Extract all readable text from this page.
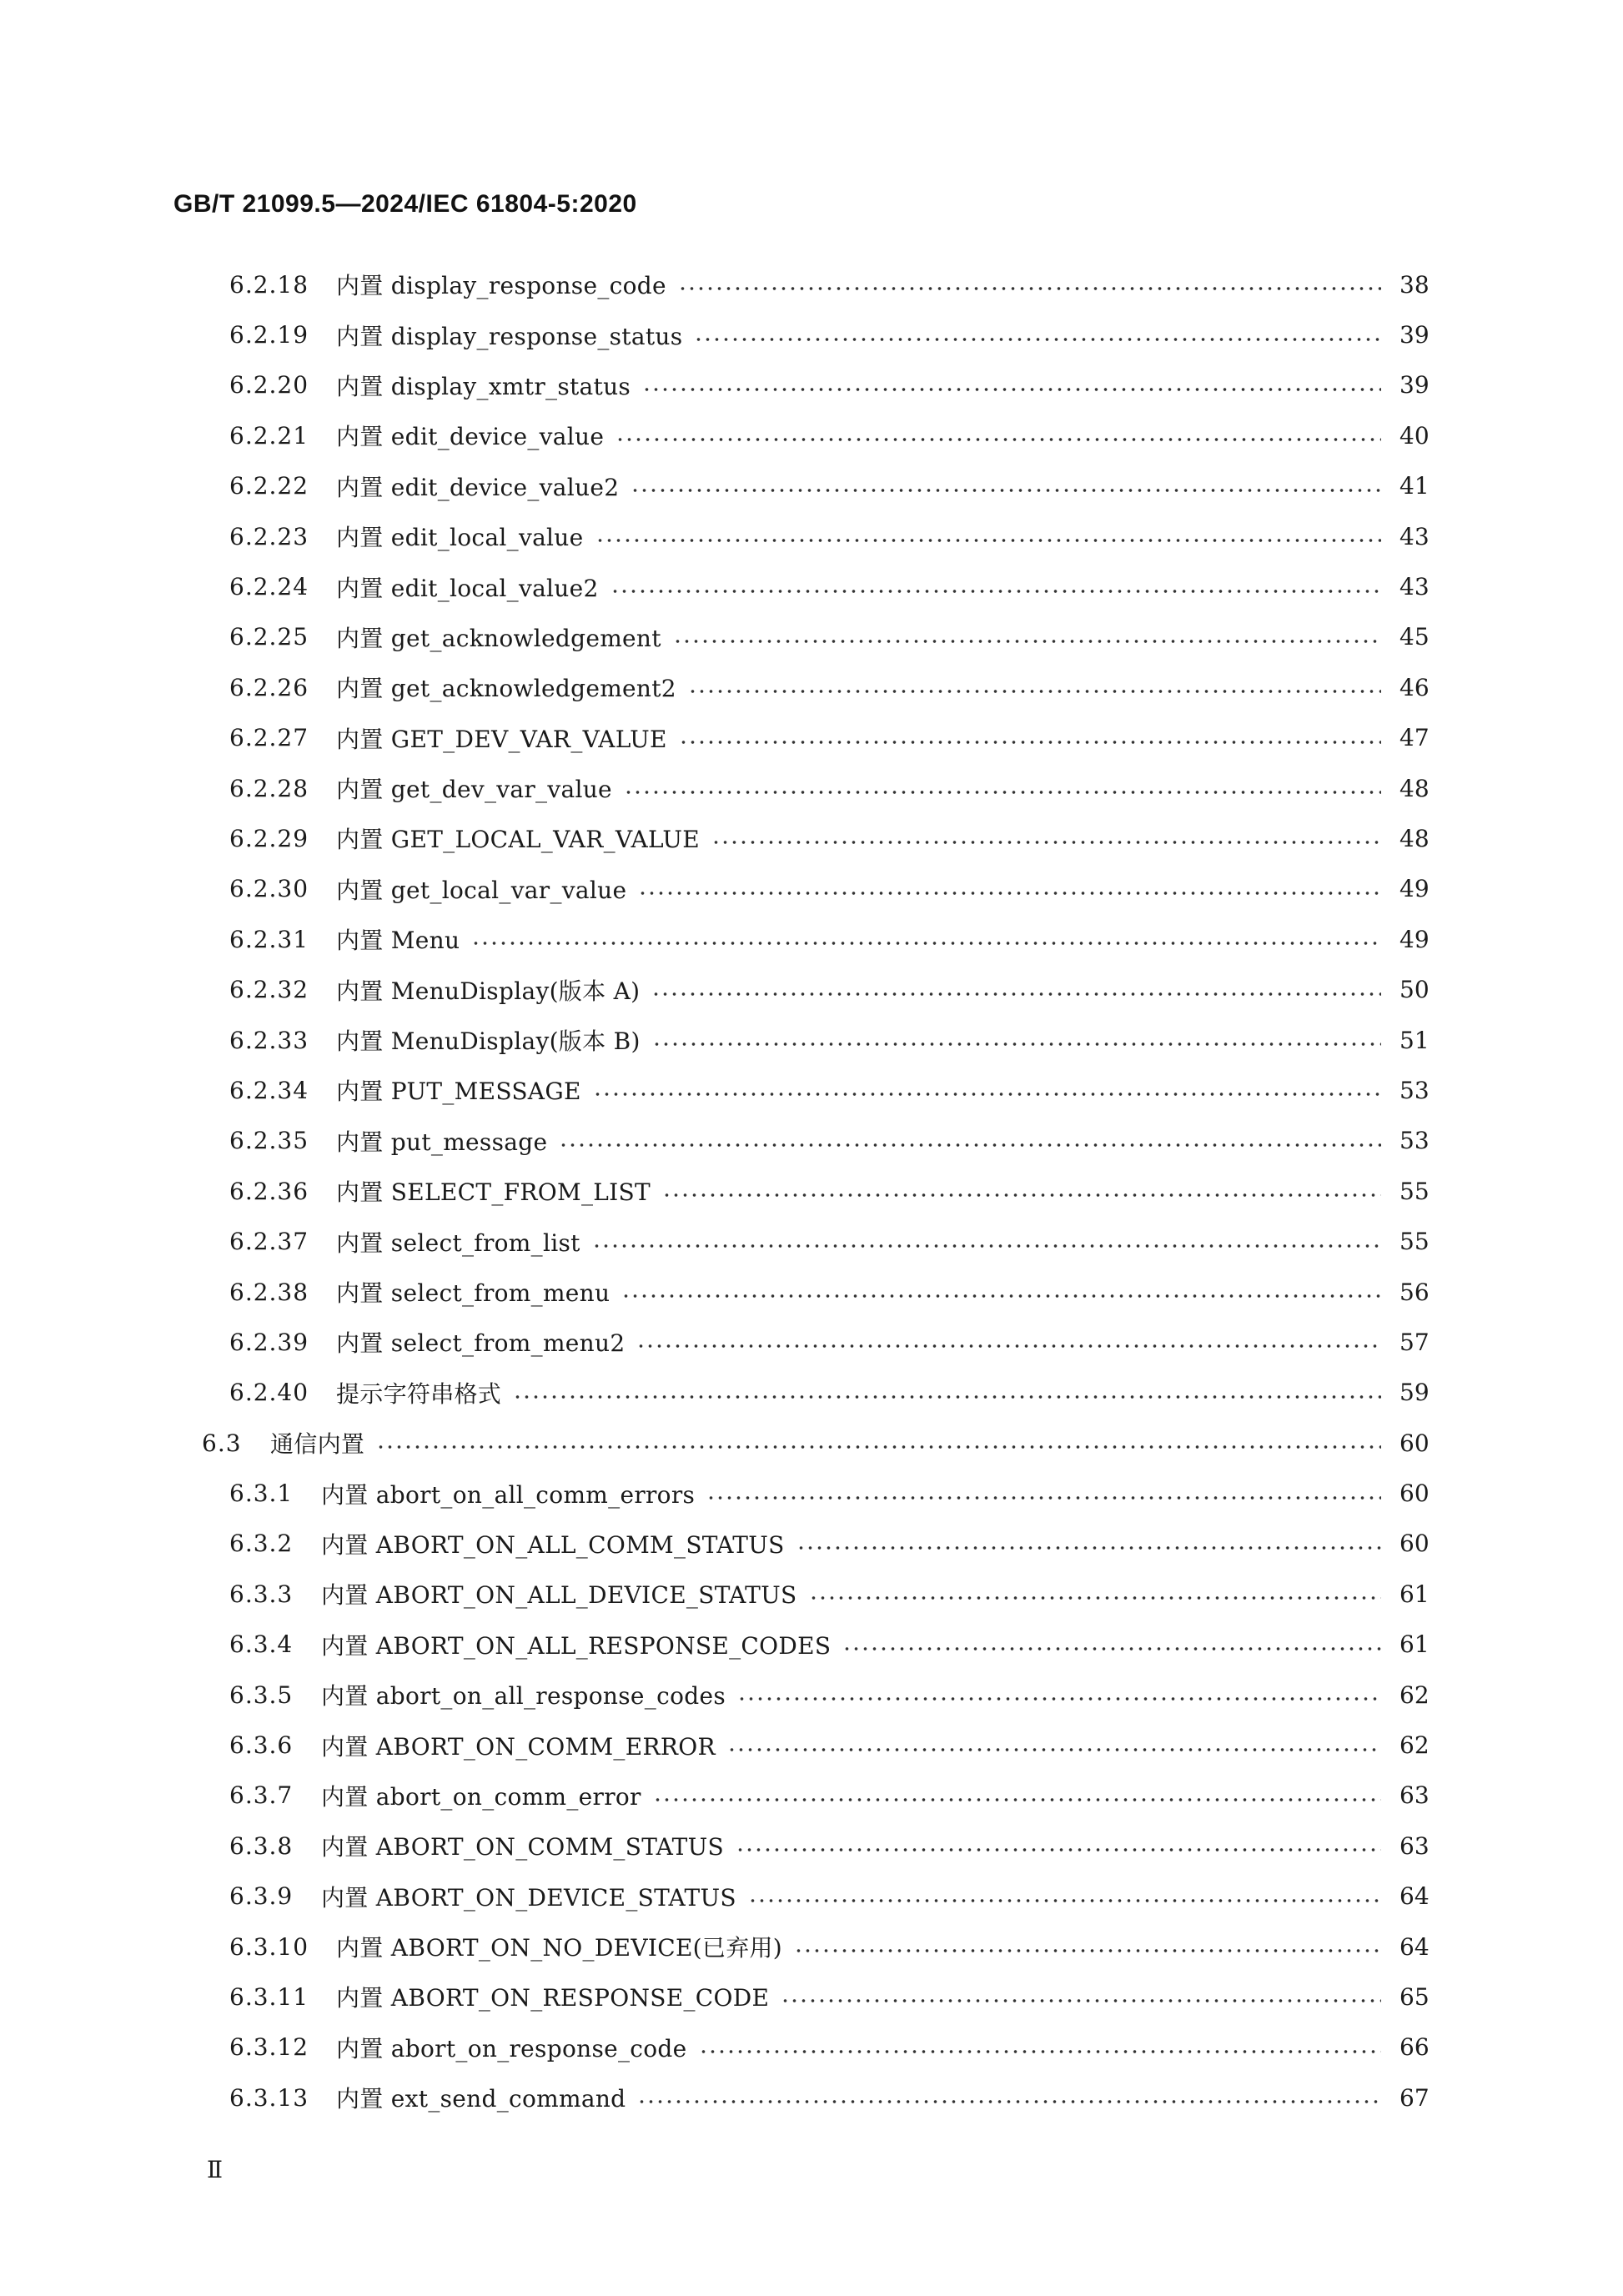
GB/T 21099.5—2024/IEC 61804-5:2020
6.2.18	内置 display_response_code	38
6.2.19	内置 display_response_status	39
6.2.20	内置 display_xmtr_status	39
6.2.21	内置 edit_device_value	40
6.2.22	内置 edit_device_value2	41
6.2.23	内置 edit_local_value	43
6.2.24	内置 edit_local_value2	43
6.2.25	内置 get_acknowledgement	45
6.2.26	内置 get_acknowledgement2	46
6.2.27	内置 GET_DEV_VAR_VALUE	47
6.2.28	内置 get_dev_var_value	48
6.2.29	内置 GET_LOCAL_VAR_VALUE	48
6.2.30	内置 get_local_var_value	49
6.2.31	内置 Menu	49
6.2.32	内置 MenuDisplay(版本 A)	50
6.2.33	内置 MenuDisplay(版本 B)	51
6.2.34	内置 PUT_MESSAGE	53
6.2.35	内置 put_message	53
6.2.36	内置 SELECT_FROM_LIST	55
6.2.37	内置 select_from_list	55
6.2.38	内置 select_from_menu	56
6.2.39	内置 select_from_menu2	57
6.2.40	提示字符串格式	59
6.3	通信内置	60
6.3.1	内置 abort_on_all_comm_errors	60
6.3.2	内置 ABORT_ON_ALL_COMM_STATUS	60
6.3.3	内置 ABORT_ON_ALL_DEVICE_STATUS	61
6.3.4	内置 ABORT_ON_ALL_RESPONSE_CODES	61
6.3.5	内置 abort_on_all_response_codes	62
6.3.6	内置 ABORT_ON_COMM_ERROR	62
6.3.7	内置 abort_on_comm_error	63
6.3.8	内置 ABORT_ON_COMM_STATUS	63
6.3.9	内置 ABORT_ON_DEVICE_STATUS	64
6.3.10	内置 ABORT_ON_NO_DEVICE(已弃用)	64
6.3.11	内置 ABORT_ON_RESPONSE_CODE	65
6.3.12	内置 abort_on_response_code	66
6.3.13	内置 ext_send_command	67
Ⅱ
